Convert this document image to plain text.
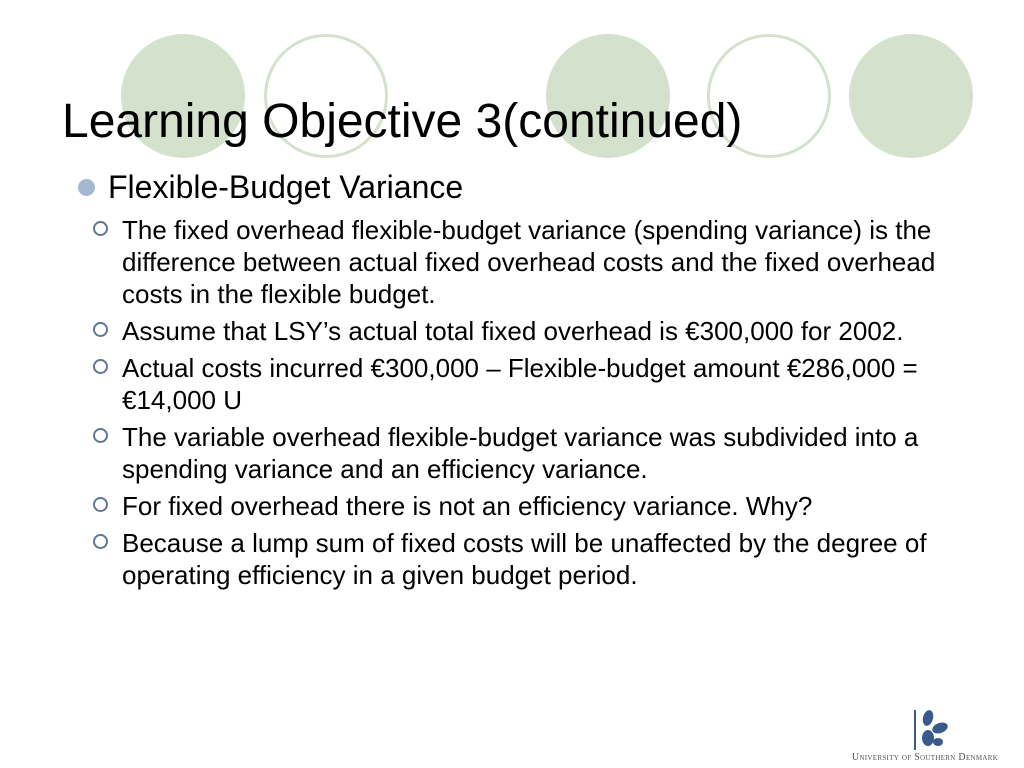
Learning Objective 3(continued)
Flexible-Budget Variance
The fixed overhead flexible-budget variance (spending variance) is the difference between actual fixed overhead costs and the fixed overhead costs in the flexible budget.
Assume that LSY’s actual total fixed overhead is €300,000 for 2002.
Actual costs incurred €300,000 – Flexible-budget amount €286,000 = €14,000 U
The variable overhead flexible-budget variance was subdivided into a spending variance and an efficiency variance.
For fixed overhead there is not an efficiency variance. Why?
Because a lump sum of fixed costs will be unaffected by the degree of operating efficiency in a given budget period.
University of Southern Denmark
